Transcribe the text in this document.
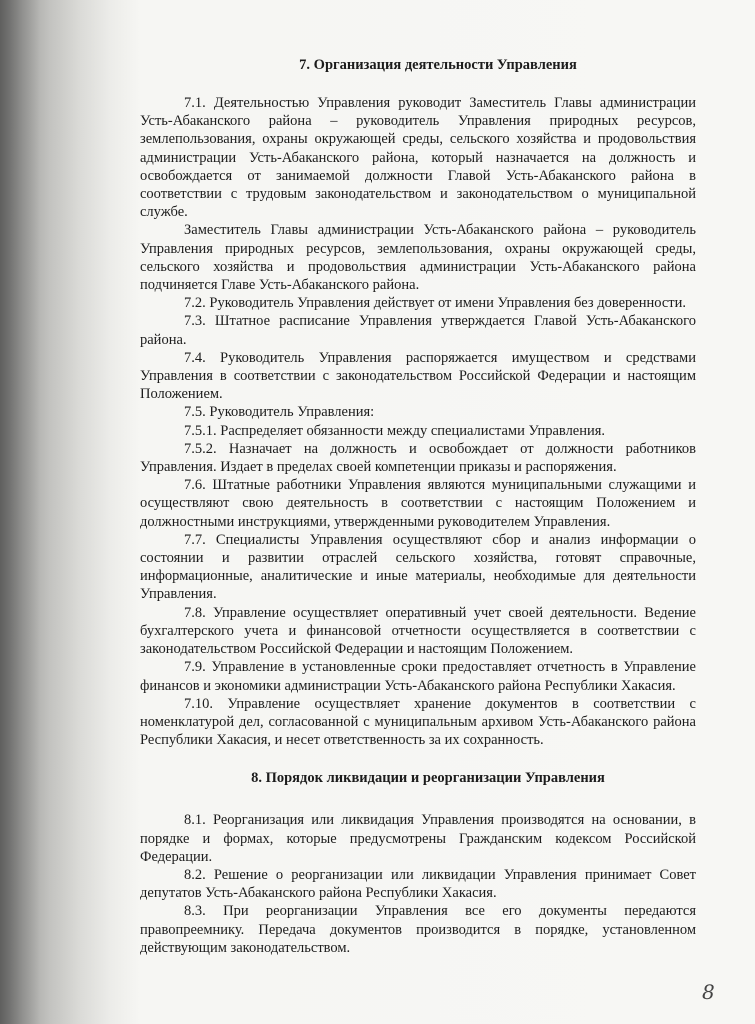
7. Организация деятельности Управления

7.1. Деятельностью Управления руководит Заместитель Главы администрации Усть-Абаканского района – руководитель Управления природных ресурсов, землепользования, охраны окружающей среды, сельского хозяйства и продовольствия администрации Усть-Абаканского района, который назначается на должность и освобождается от занимаемой должности Главой Усть-Абаканского района в соответствии с трудовым законодательством и законодательством о муниципальной службе.

Заместитель Главы администрации Усть-Абаканского района – руководитель Управления природных ресурсов, землепользования, охраны окружающей среды, сельского хозяйства и продовольствия администрации Усть-Абаканского района подчиняется Главе Усть-Абаканского района.

7.2. Руководитель Управления действует от имени Управления без доверенности.

7.3. Штатное расписание Управления утверждается Главой Усть-Абаканского района.

7.4. Руководитель Управления распоряжается имуществом и средствами Управления в соответствии с законодательством Российской Федерации и настоящим Положением.

7.5. Руководитель Управления:

7.5.1. Распределяет обязанности между специалистами Управления.

7.5.2. Назначает на должность и освобождает от должности работников Управления. Издает в пределах своей компетенции приказы и распоряжения.

7.6. Штатные работники Управления являются муниципальными служащими и осуществляют свою деятельность в соответствии с настоящим Положением и должностными инструкциями, утвержденными руководителем Управления.

7.7. Специалисты Управления осуществляют сбор и анализ информации о состоянии и развитии отраслей сельского хозяйства, готовят справочные, информационные, аналитические и иные материалы, необходимые для деятельности Управления.

7.8. Управление осуществляет оперативный учет своей деятельности. Ведение бухгалтерского учета и финансовой отчетности осуществляется в соответствии с законодательством Российской Федерации и настоящим Положением.

7.9. Управление в установленные сроки предоставляет отчетность в Управление финансов и экономики администрации Усть-Абаканского района Республики Хакасия.

7.10. Управление осуществляет хранение документов в соответствии с номенклатурой дел, согласованной с муниципальным архивом Усть-Абаканского района Республики Хакасия, и несет ответственность за их сохранность.

8. Порядок ликвидации и реорганизации Управления

8.1. Реорганизация или ликвидация Управления производятся на основании, в порядке и формах, которые предусмотрены Гражданским кодексом Российской Федерации.

8.2. Решение о реорганизации или ликвидации Управления принимает Совет депутатов Усть-Абаканского района Республики Хакасия.

8.3. При реорганизации Управления все его документы передаются правопреемнику. Передача документов производится в порядке, установленном действующим законодательством.

8
